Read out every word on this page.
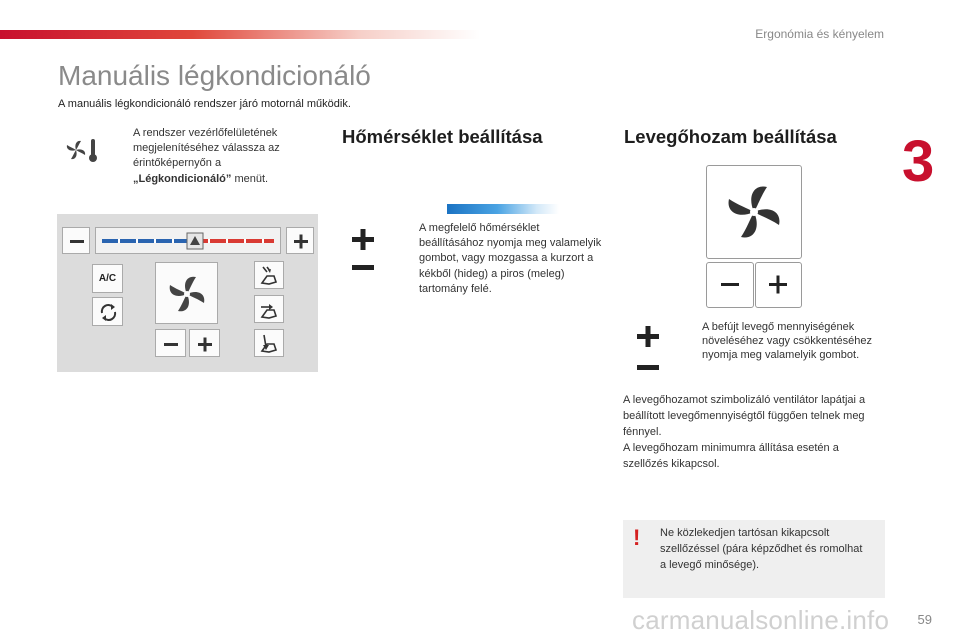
Ergonómia és kényelem
3
Manuális légkondicionáló
A manuális légkondicionáló rendszer járó motornál működik.
A rendszer vezérlőfelületének megjelenítéséhez válassza az érintőképernyőn a „Légkondicionáló” menüt.
A/C
Hőmérséklet beállítása
A megfelelő hőmérséklet beállításához nyomja meg valamelyik gombot, vagy mozgassa a kurzort a kékből (hideg) a piros (meleg) tartomány felé.
Levegőhozam beállítása
A befújt levegő mennyiségének növeléséhez vagy csökkentéséhez nyomja meg valamelyik gombot.
A levegőhozamot szimbolizáló ventilátor lapátjai a beállított levegőmennyiségtől függően telnek meg fénnyel.
A levegőhozam minimumra állítása esetén a szellőzés kikapcsol.
! Ne közlekedjen tartósan kikapcsolt szellőzéssel (pára képződhet és romolhat a levegő minősége).
carmanualsonline.info 59
